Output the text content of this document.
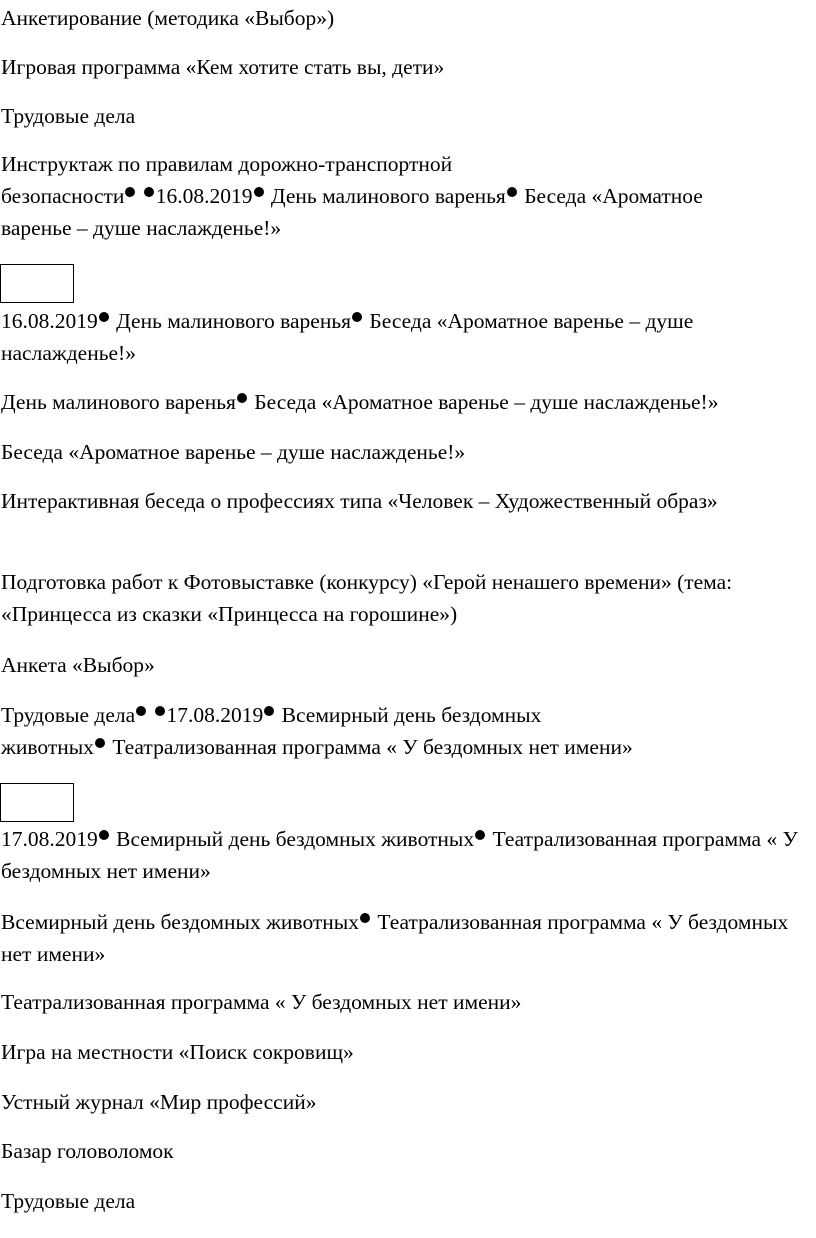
Анкетирование (методика «Выбор»)

Игровая программа «Кем хотите стать вы, дети»

Трудовые дела

Инструктаж по правилам дорожно-транспортной
безопасности 16.08.2019 День малинового варенья Беседа «Ароматное
варенье – душе наслажденье!»

16.08.2019 День малинового варенья Беседа «Ароматное варенье – душе наслажденье!»

День малинового варенья Беседа «Ароматное варенье – душе наслажденье!»

Беседа «Ароматное варенье – душе наслажденье!»

Интерактивная беседа о профессиях типа «Человек – Художественный образ»

Подготовка работ к Фотовыставке (конкурсу) «Герой ненашего времени» (тема: «Принцесса из сказки «Принцесса на горошине»)

Анкета «Выбор»

Трудовые дела 17.08.2019 Всемирный день бездомных
животных Театрализованная программа « У бездомных нет имени»

17.08.2019 Всемирный день бездомных животных Театрализованная программа « У бездомных нет имени»

Всемирный день бездомных животных Театрализованная программа « У бездомных нет имени»

Театрализованная программа « У бездомных нет имени»

Игра на местности «Поиск сокровищ»

Устный журнал «Мир профессий»

Базар головоломок

Трудовые дела
